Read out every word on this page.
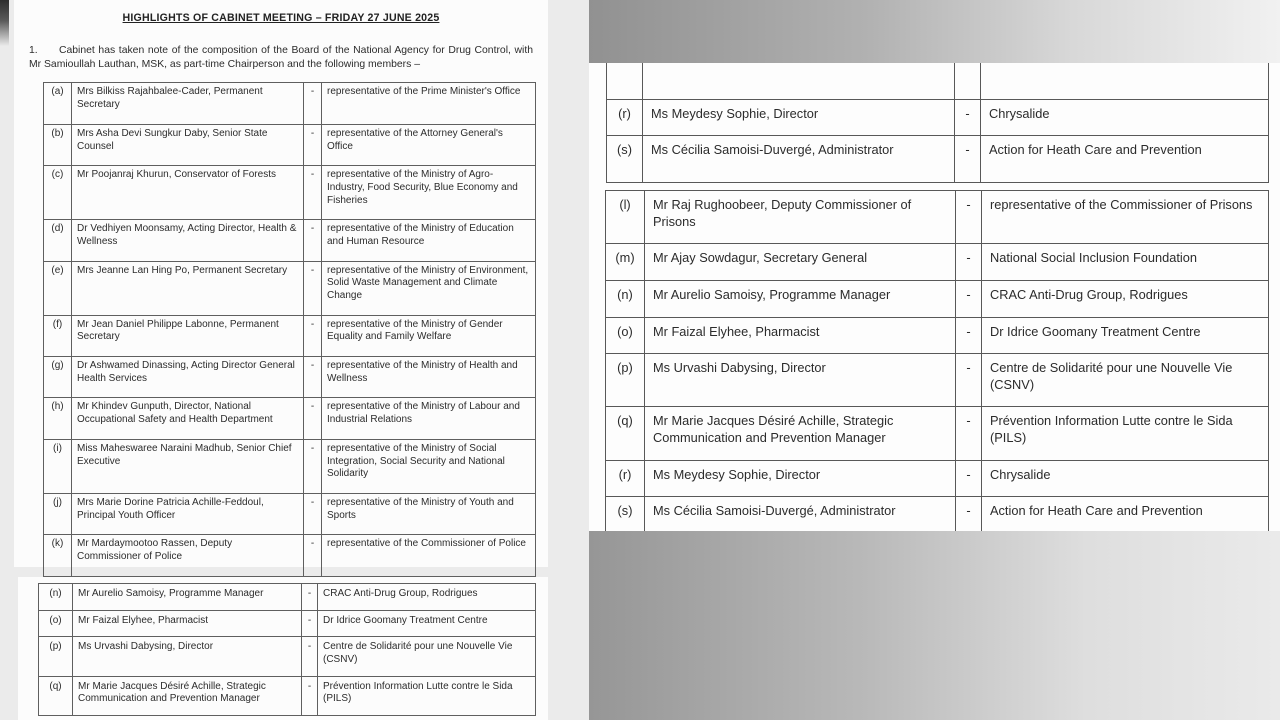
HIGHLIGHTS OF CABINET MEETING – FRIDAY 27 JUNE 2025
1. Cabinet has taken note of the composition of the Board of the National Agency for Drug Control, with Mr Samioullah Lauthan, MSK, as part-time Chairperson and the following members –
(a)	Mrs Bilkiss Rajahbalee-Cader, Permanent Secretary	-	representative of the Prime Minister's Office
(b)	Mrs Asha Devi Sungkur Daby, Senior State Counsel	-	representative of the Attorney General's Office
(c)	Mr Poojanraj Khurun, Conservator of Forests	-	representative of the Ministry of Agro-Industry, Food Security, Blue Economy and Fisheries
(d)	Dr Vedhiyen Moonsamy, Acting Director, Health & Wellness	-	representative of the Ministry of Education and Human Resource
(e)	Mrs Jeanne Lan Hing Po, Permanent Secretary	-	representative of the Ministry of Environment, Solid Waste Management and Climate Change
(f)	Mr Jean Daniel Philippe Labonne, Permanent Secretary	-	representative of the Ministry of Gender Equality and Family Welfare
(g)	Dr Ashwamed Dinassing, Acting Director General Health Services	-	representative of the Ministry of Health and Wellness
(h)	Mr Khindev Gunputh, Director, National Occupational Safety and Health Department	-	representative of the Ministry of Labour and Industrial Relations
(i)	Miss Maheswaree Naraini Madhub, Senior Chief Executive	-	representative of the Ministry of Social Integration, Social Security and National Solidarity
(j)	Mrs Marie Dorine Patricia Achille-Feddoul, Principal Youth Officer	-	representative of the Ministry of Youth and Sports
(k)	Mr Mardaymootoo Rassen, Deputy Commissioner of Police	-	representative of the Commissioner of Police
(n)	Mr Aurelio Samoisy, Programme Manager	-	CRAC Anti-Drug Group, Rodrigues
(o)	Mr Faizal Elyhee, Pharmacist	-	Dr Idrice Goomany Treatment Centre
(p)	Ms Urvashi Dabysing, Director	-	Centre de Solidarité pour une Nouvelle Vie (CSNV)
(q)	Mr Marie Jacques Désiré Achille, Strategic Communication and Prevention Manager	-	Prévention Information Lutte contre le Sida (PILS)

(r)	Ms Meydesy Sophie, Director	-	Chrysalide
(s)	Ms Cécilia Samoisi-Duvergé, Administrator	-	Action for Heath Care and Prevention
(l)	Mr Raj Rughoobeer, Deputy Commissioner of Prisons	-	representative of the Commissioner of Prisons
(m)	Mr Ajay Sowdagur, Secretary General	-	National Social Inclusion Foundation
(n)	Mr Aurelio Samoisy, Programme Manager	-	CRAC Anti-Drug Group, Rodrigues
(o)	Mr Faizal Elyhee, Pharmacist	-	Dr Idrice Goomany Treatment Centre
(p)	Ms Urvashi Dabysing, Director	-	Centre de Solidarité pour une Nouvelle Vie (CSNV)
(q)	Mr Marie Jacques Désiré Achille, Strategic Communication and Prevention Manager	-	Prévention Information Lutte contre le Sida (PILS)
(r)	Ms Meydesy Sophie, Director	-	Chrysalide
(s)	Ms Cécilia Samoisi-Duvergé, Administrator	-	Action for Heath Care and Prevention
